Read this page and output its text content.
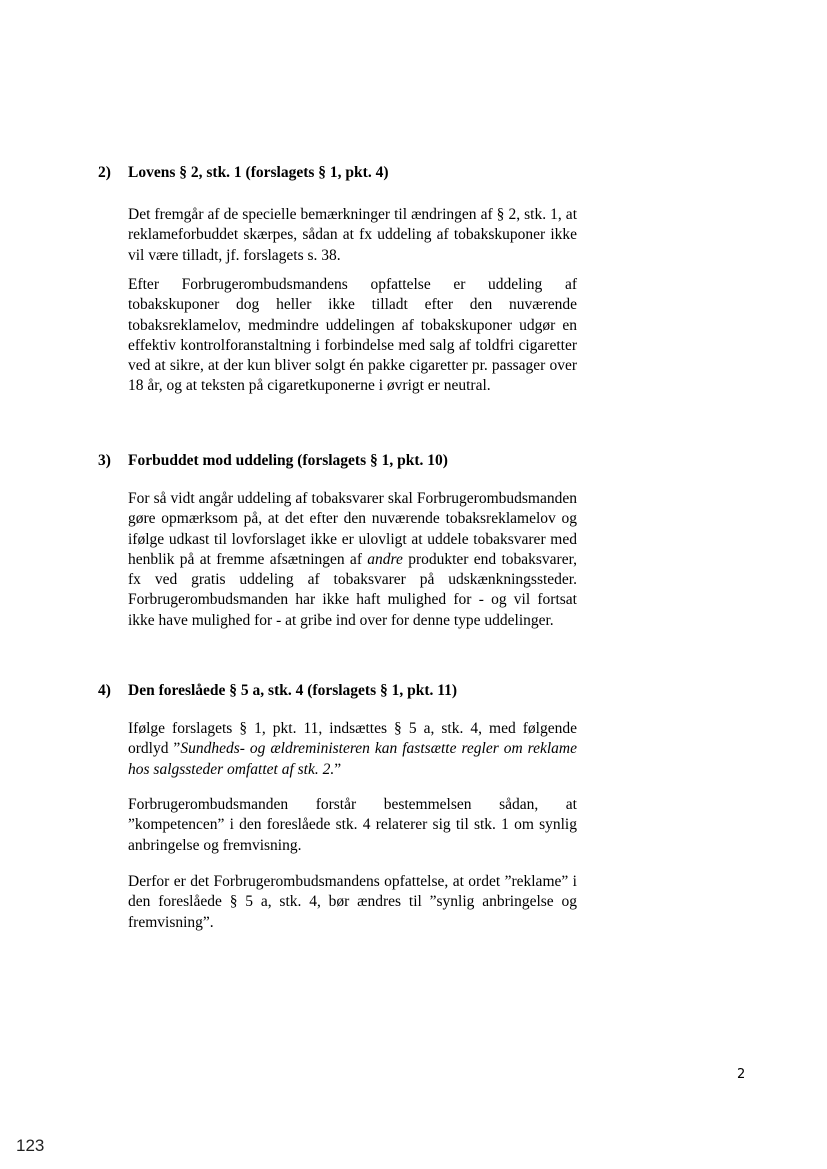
2) Lovens § 2, stk. 1 (forslagets § 1, pkt. 4)

Det fremgår af de specielle bemærkninger til ændringen af § 2, stk. 1, at reklameforbuddet skærpes, sådan at fx uddeling af tobakskuponer ikke vil være tilladt, jf. forslagets s. 38.

Efter Forbrugerombudsmandens opfattelse er uddeling af tobakskuponer dog heller ikke tilladt efter den nuværende tobaksreklamelov, medmindre uddelingen af tobakskuponer udgør en effektiv kontrolforanstaltning i forbindelse med salg af toldfri cigaretter ved at sikre, at der kun bliver solgt én pakke cigaretter pr. passager over 18 år, og at teksten på cigaretkuponerne i øvrigt er neutral.

3) Forbuddet mod uddeling (forslagets § 1, pkt. 10)

For så vidt angår uddeling af tobaksvarer skal Forbrugerombudsmanden gøre opmærksom på, at det efter den nuværende tobaksreklamelov og ifølge udkast til lovforslaget ikke er ulovligt at uddele tobaksvarer med henblik på at fremme afsætningen af andre produkter end tobaksvarer, fx ved gratis uddeling af tobaksvarer på udskænkningssteder. Forbrugerombudsmanden har ikke haft mulighed for - og vil fortsat ikke have mulighed for - at gribe ind over for denne type uddelinger.

4) Den foreslåede § 5 a, stk. 4 (forslagets § 1, pkt. 11)

Ifølge forslagets § 1, pkt. 11, indsættes § 5 a, stk. 4, med følgende ordlyd ”Sundheds- og ældreministeren kan fastsætte regler om reklame hos salgssteder omfattet af stk. 2.”

Forbrugerombudsmanden forstår bestemmelsen sådan, at ”kompetencen” i den foreslåede stk. 4 relaterer sig til stk. 1 om synlig anbringelse og fremvisning.

Derfor er det Forbrugerombudsmandens opfattelse, at ordet ”reklame” i den foreslåede § 5 a, stk. 4, bør ændres til ”synlig anbringelse og fremvisning”.

2
123
